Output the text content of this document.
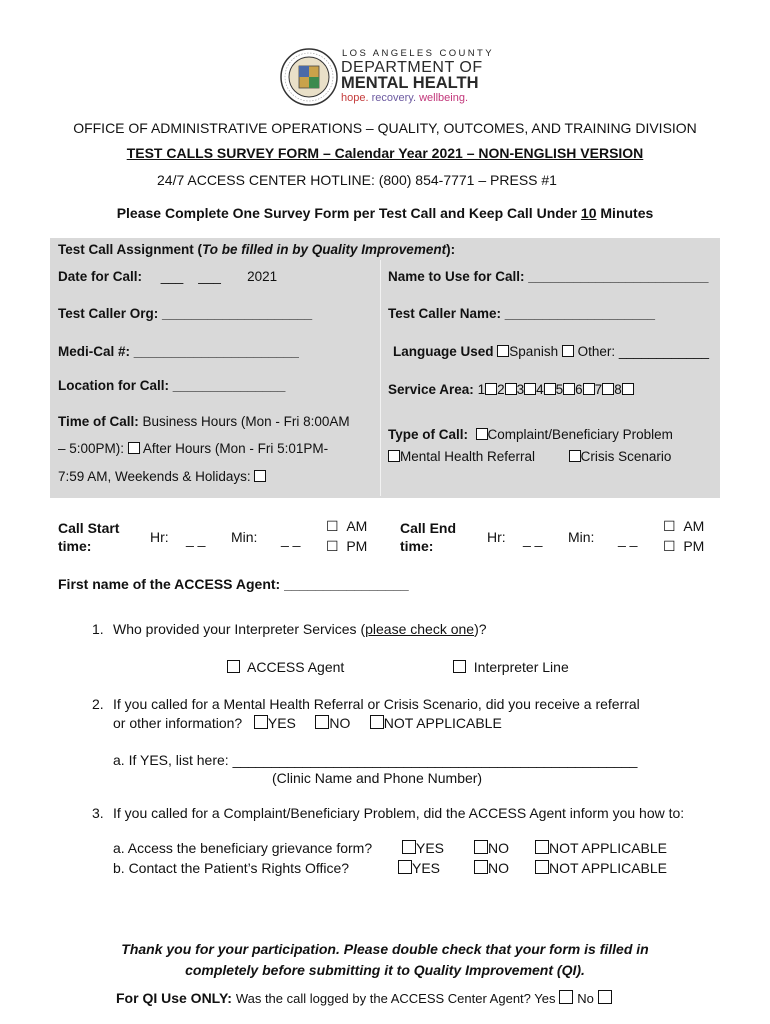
LOS ANGELES COUNTY
DEPARTMENT OF
MENTAL HEALTH
hope. recovery. wellbeing.
OFFICE OF ADMINISTRATIVE OPERATIONS – QUALITY, OUTCOMES, AND TRAINING DIVISION
TEST CALLS SURVEY FORM – Calendar Year 2021 – NON-ENGLISH VERSION
24/7 ACCESS CENTER HOTLINE: (800) 854-7771 – PRESS #1
Please Complete One Survey Form per Test Call and Keep Call Under 10 Minutes
Test Call Assignment (To be filled in by Quality Improvement):
Date for Call: ___    ___ 2021	Name to Use for Call: ________________________
Test Caller Org: ____________________	Test Caller Name: ____________________
Medi-Cal #: ______________________	Language Used Spanish Other: ____________
Location for Call: _______________	Service Area: 1 2 3 4 5 6 7 8
Time of Call: Business Hours (Mon - Fri 8:00AM
– 5:00PM): After Hours (Mon - Fri 5:01PM-
7:59 AM, Weekends & Holidays:
Type of Call: Complaint/Beneficiary Problem
Mental Health Referral	Crisis Scenario
Call Start
time:
Hr: _ _ Min: _ _
☐ AM
☐ PM
Call End
time:
Hr: _ _ Min: _ _
☐ AM
☐ PM
First name of the ACCESS Agent: ________________
1. Who provided your Interpreter Services (please check one)?
ACCESS Agent	Interpreter Line
2. If you called for a Mental Health Referral or Crisis Scenario, did you receive a referral
or other information? YES NO NOT APPLICABLE
a. If YES, list here: ____________________________________________________
(Clinic Name and Phone Number)
3. If you called for a Complaint/Beneficiary Problem, did the ACCESS Agent inform you how to:
a. Access the beneficiary grievance form?	YES	NO	NOT APPLICABLE
b. Contact the Patient’s Rights Office?	YES	NO	NOT APPLICABLE
Thank you for your participation. Please double check that your form is filled in
completely before submitting it to Quality Improvement (QI).
For QI Use ONLY: Was the call logged by the ACCESS Center Agent? Yes No
